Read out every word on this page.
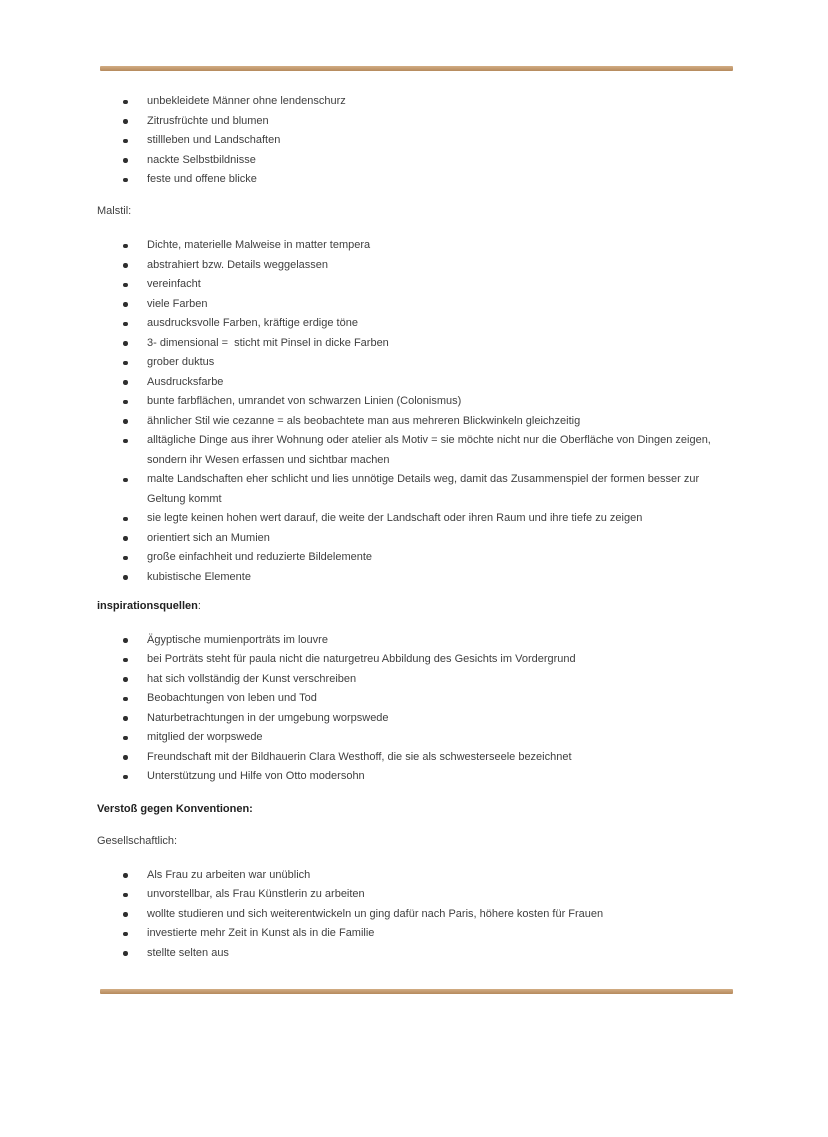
unbekleidete Männer ohne lendenschurz
Zitrusfrüchte und blumen
stillleben und Landschaften
nackte Selbstbildnisse
feste und offene blicke

Malstil:

Dichte, materielle Malweise in matter tempera
abstrahiert bzw. Details weggelassen
vereinfacht
viele Farben
ausdrucksvolle Farben, kräftige erdige töne
3- dimensional =  sticht mit Pinsel in dicke Farben
grober duktus
Ausdrucksfarbe
bunte farbflächen, umrandet von schwarzen Linien (Colonismus)
ähnlicher Stil wie cezanne = als beobachtete man aus mehreren Blickwinkeln gleichzeitig
alltägliche Dinge aus ihrer Wohnung oder atelier als Motiv = sie möchte nicht nur die Oberfläche von Dingen zeigen, sondern ihr Wesen erfassen und sichtbar machen
malte Landschaften eher schlicht und lies unnötige Details weg, damit das Zusammenspiel der formen besser zur Geltung kommt
sie legte keinen hohen wert darauf, die weite der Landschaft oder ihren Raum und ihre tiefe zu zeigen
orientiert sich an Mumien
große einfachheit und reduzierte Bildelemente
kubistische Elemente

inspirationsquellen:

Ägyptische mumienporträts im louvre
bei Porträts steht für paula nicht die naturgetreu Abbildung des Gesichts im Vordergrund
hat sich vollständig der Kunst verschreiben
Beobachtungen von leben und Tod
Naturbetrachtungen in der umgebung worpswede
mitglied der worpswede
Freundschaft mit der Bildhauerin Clara Westhoff, die sie als schwesterseele bezeichnet
Unterstützung und Hilfe von Otto modersohn

Verstoß gegen Konventionen:

Gesellschaftlich:

Als Frau zu arbeiten war unüblich
unvorstellbar, als Frau Künstlerin zu arbeiten
wollte studieren und sich weiterentwickeln un ging dafür nach Paris, höhere kosten für Frauen
investierte mehr Zeit in Kunst als in die Familie
stellte selten aus
